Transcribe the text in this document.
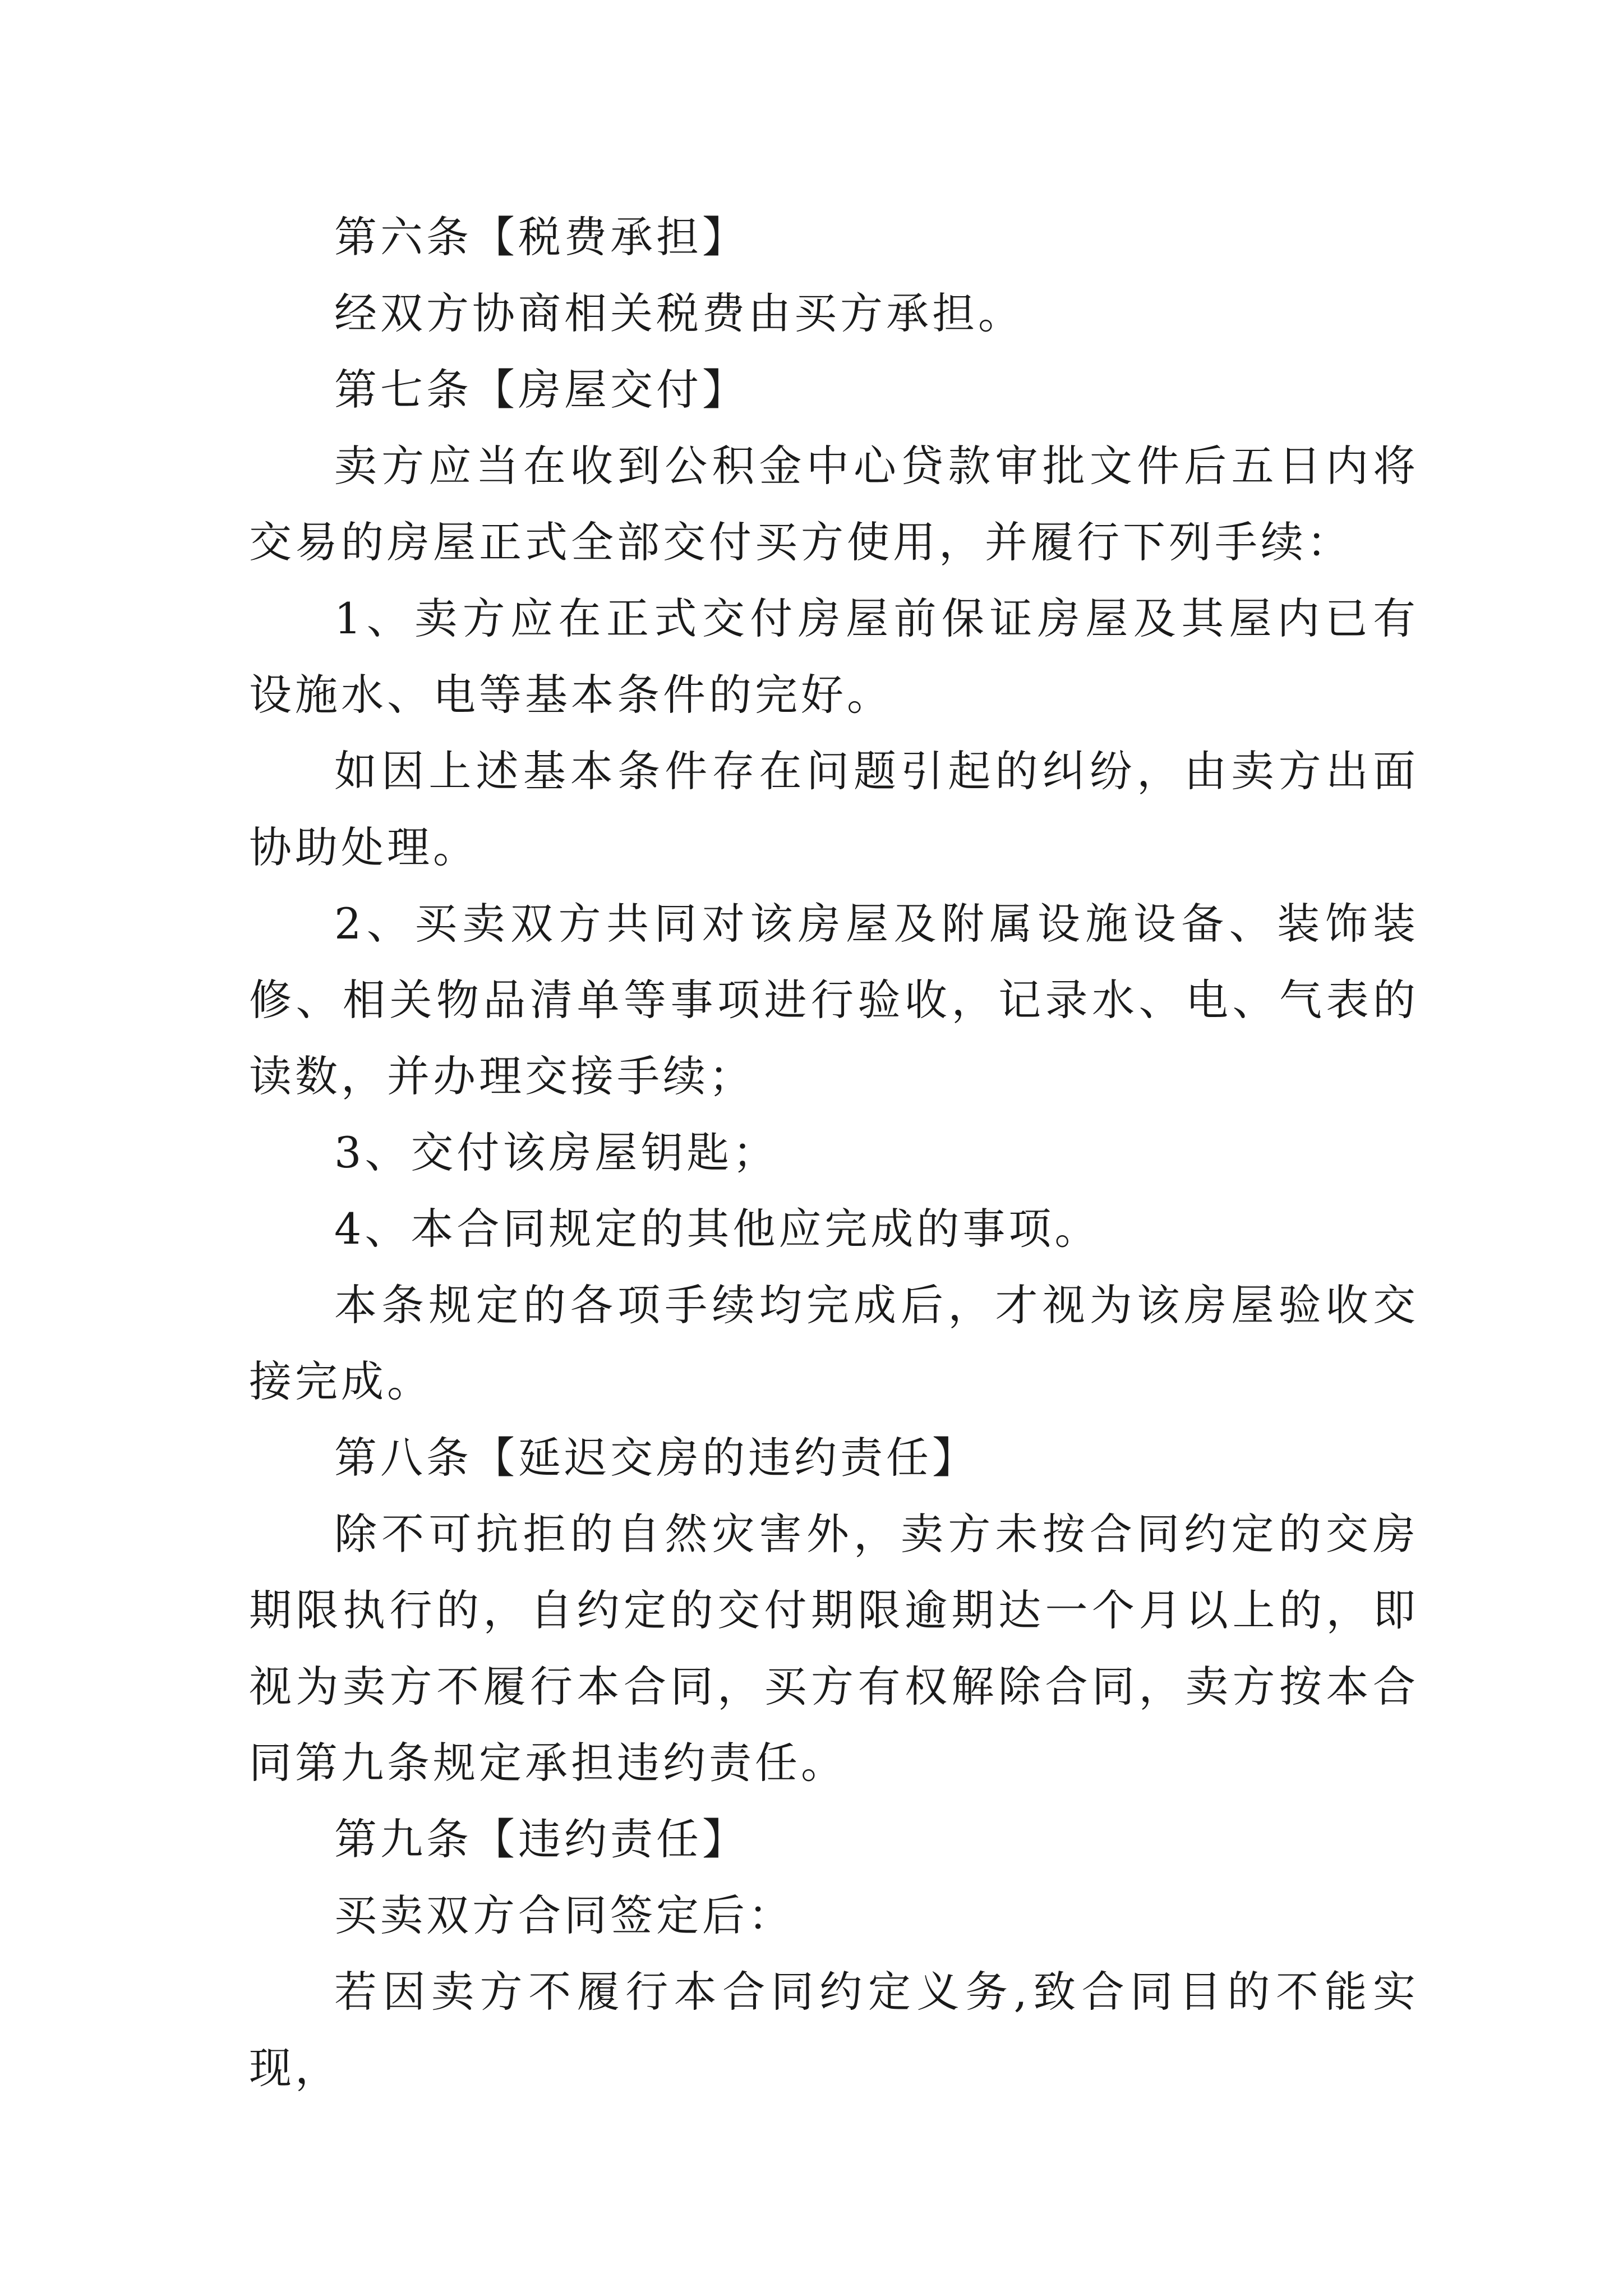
第六条【税费承担】

经双方协商相关税费由买方承担。

第七条【房屋交付】

卖方应当在收到公积金中心贷款审批文件后五日内将交易的房屋正式全部交付买方使用，并履行下列手续：

1、卖方应在正式交付房屋前保证房屋及其屋内已有设施水、电等基本条件的完好。

如因上述基本条件存在问题引起的纠纷，由卖方出面协助处理。

2、买卖双方共同对该房屋及附属设施设备、装饰装修、相关物品清单等事项进行验收，记录水、电、气表的读数，并办理交接手续；

3、交付该房屋钥匙；

4、本合同规定的其他应完成的事项。

本条规定的各项手续均完成后，才视为该房屋验收交接完成。

第八条【延迟交房的违约责任】

除不可抗拒的自然灾害外，卖方未按合同约定的交房期限执行的，自约定的交付期限逾期达一个月以上的，即视为卖方不履行本合同，买方有权解除合同，卖方按本合同第九条规定承担违约责任。

第九条【违约责任】

买卖双方合同签定后：

若因卖方不履行本合同约定义务,致合同目的不能实现，
